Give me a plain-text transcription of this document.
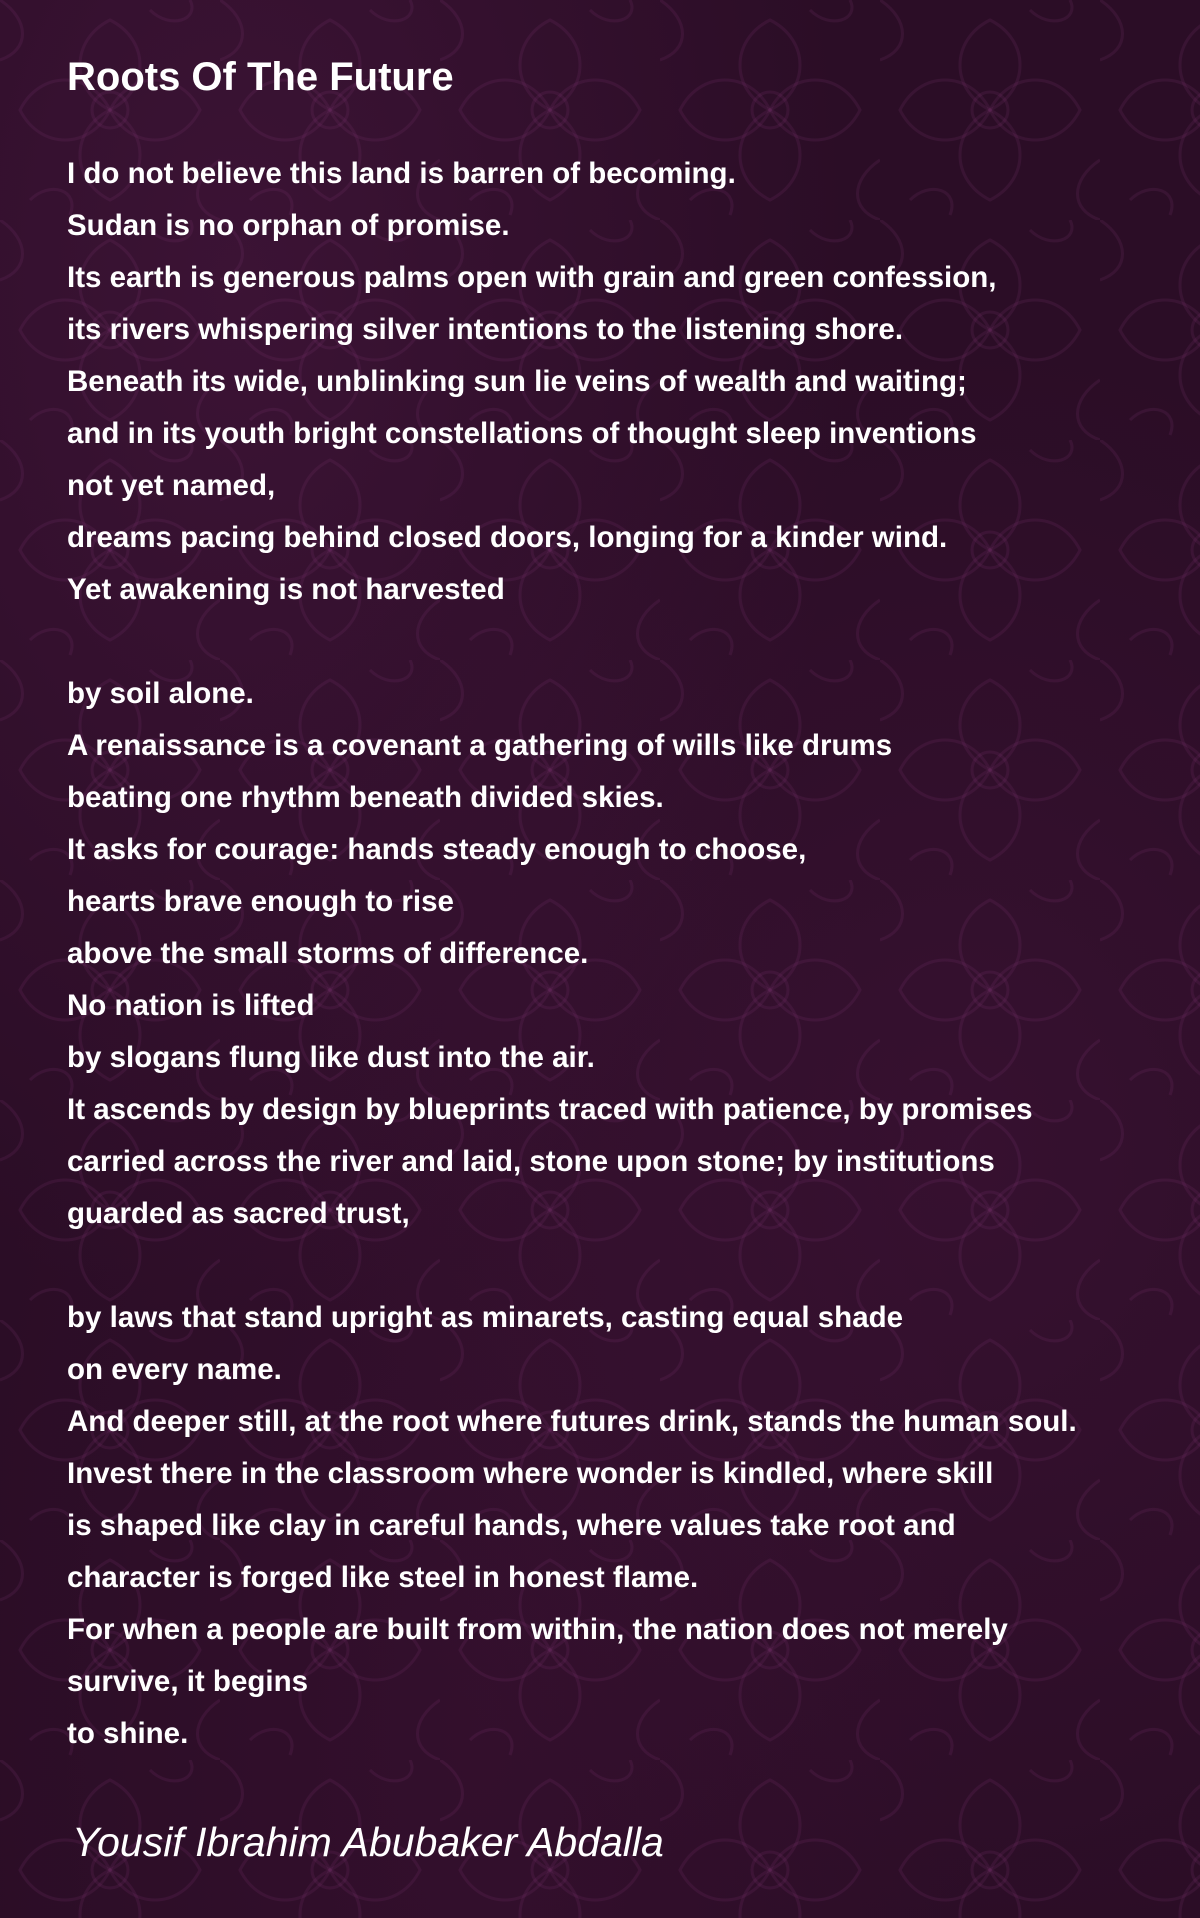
Roots Of The Future
I do not believe this land is barren of becoming.
Sudan is no orphan of promise.
Its earth is generous palms open with grain and green confession,
its rivers whispering silver intentions to the listening shore.
Beneath its wide, unblinking sun lie veins of wealth and waiting;
and in its youth bright constellations of thought sleep inventions
not yet named,
dreams pacing behind closed doors, longing for a kinder wind.
Yet awakening is not harvested
by soil alone.
A renaissance is a covenant a gathering of wills like drums
beating one rhythm beneath divided skies.
It asks for courage: hands steady enough to choose,
hearts brave enough to rise
above the small storms of difference.
No nation is lifted
by slogans flung like dust into the air.
It ascends by design by blueprints traced with patience, by promises
carried across the river and laid, stone upon stone; by institutions
guarded as sacred trust,
by laws that stand upright as minarets, casting equal shade
on every name.
And deeper still, at the root where futures drink, stands the human soul.
Invest there in the classroom where wonder is kindled, where skill
is shaped like clay in careful hands, where values take root and
character is forged like steel in honest flame.
For when a people are built from within, the nation does not merely
survive, it begins
to shine.

Yousif Ibrahim Abubaker Abdalla
